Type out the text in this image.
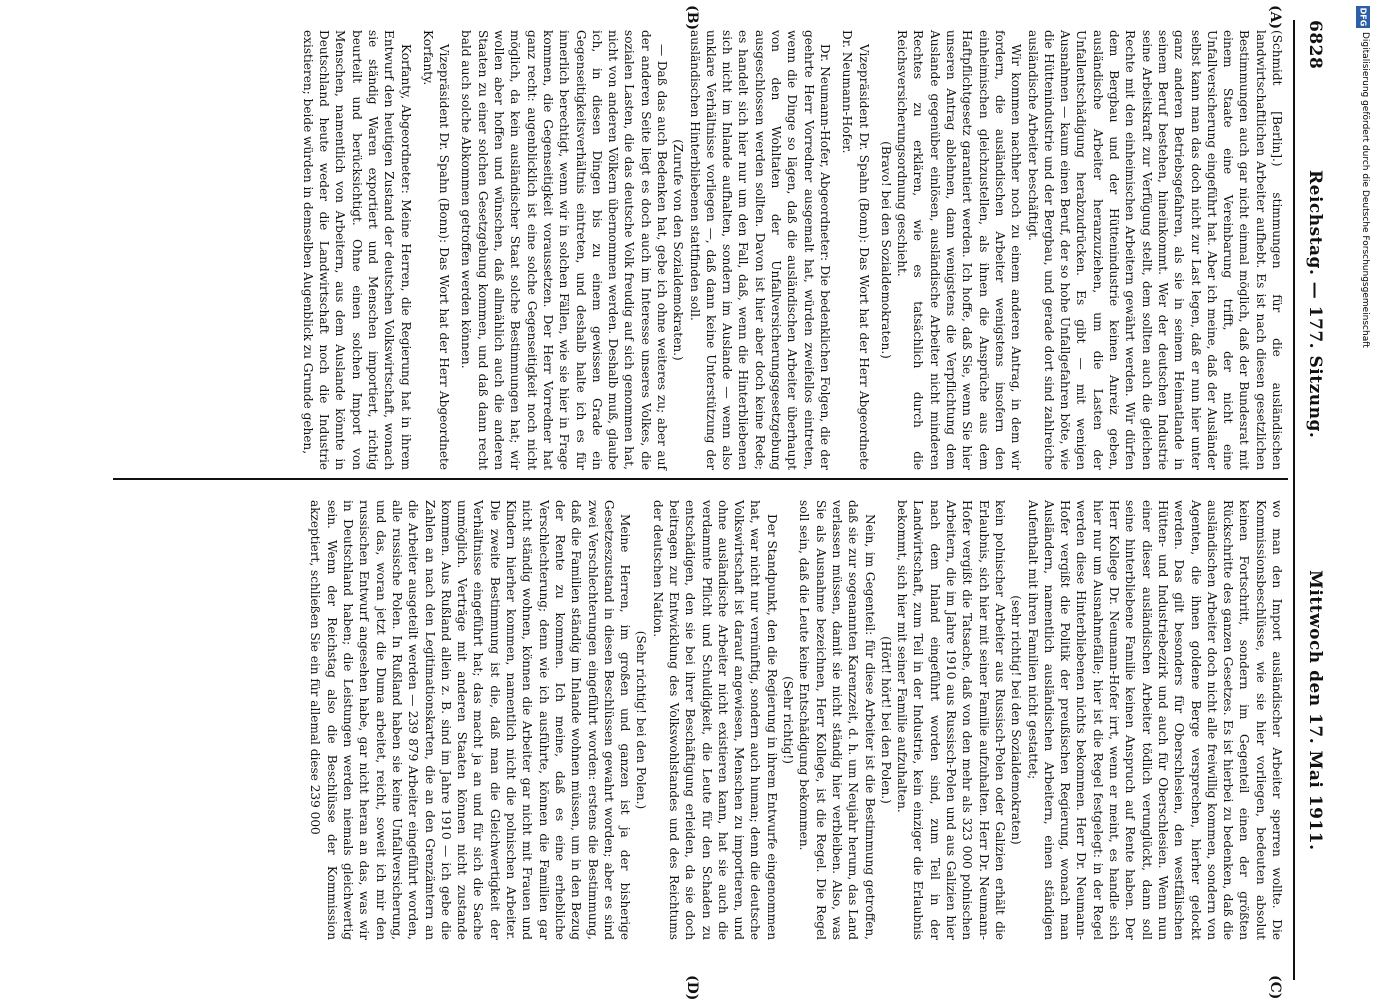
6828
Reichstag. — 177. Sitzung.
Mittwoch den 17. Mai 1911.
(A)
(B)
(C)
(D)

(Schmidt [Berlin].) stimmungen für die ausländischen landwirtschaftlichen Arbeiter aufhebt. Es ist nach diesen gesetzlichen Bestimmungen auch gar nicht einmal möglich, daß der Bundesrat mit einem Staate eine Vereinbarung trifft, der nicht eine Unfallversicherung eingeführt hat. Aber ich meine, daß der Ausländer selbst kann man das doch nicht zur Last legen, daß er nun hier unter ganz anderen Betriebsgefahren, als sie in seinem Heimatlande in seinem Beruf bestehen, hineinkommt. Wer der deutschen Industrie seine Arbeitskraft zur Verfügung stellt, dem sollten auch die gleichen Rechte mit den einheimischen Arbeitern gewährt werden. Wir dürfen dem Bergbau und der Hüttenindustrie keinen Anreiz geben, ausländische Arbeiter heranzuziehen, um die Lasten der Unfallentschädigung herabzudrücken. Es gibt — mit wenigen Ausnahmen — kaum einen Beruf, der so hohe Unfallgefahren böte, wie die Hüttenindustrie und der Bergbau, und gerade dort sind zahlreiche ausländische Arbeiter beschäftigt.

Wir kommen nachher noch zu einem anderen Antrag, in dem wir fordern, die ausländischen Arbeiter wenigstens insofern den einheimischen gleichzustellen, als ihnen die Ansprüche aus dem Haftpflichtgesetz garantiert werden. Ich hoffe, daß Sie, wenn Sie hier unseren Antrag ablehnen, dann wenigstens die Verpflichtung dem Auslande gegenüber einlösen, ausländische Arbeiter nicht minderen Rechtes zu erklären, wie es tatsächlich durch die Reichsversicherungsordnung geschieht.

(Bravo! bei den Sozialdemokraten.)

Vizepräsident Dr. Spahn (Bonn): Das Wort hat der Herr Abgeordnete Dr. Neumann-Hofer.

Dr. Neumann-Hofer, Abgeordneter: Die bedenklichen Folgen, die der geehrte Herr Vorredner ausgemalt hat, würden zweifellos eintreten, wenn die Dinge so lägen, daß die ausländischen Arbeiter überhaupt von den Wohltaten der Unfallversicherungsgesetzgebung ausgeschlossen werden sollten. Davon ist hier aber doch keine Rede; es handelt sich hier nur um den Fall, daß, wenn die Hinterbliebenen sich nicht im Inlande aufhalten, sondern im Auslande — wenn also unklare Verhältnisse vorliegen —, daß dann keine Unterstützung der ausländischen Hinterbliebenen stattfinden soll.

(Zurufe von den Sozialdemokraten.)

— Daß das auch Bedenken hat, gebe ich ohne weiteres zu; aber auf der anderen Seite liegt es doch auch im Interesse unseres Volkes, die sozialen Lasten, die das deutsche Volk freudig auf sich genommen hat, nicht von anderen Völkern übernommen werden. Deshalb muß, glaube ich, in diesen Dingen bis zu einem gewissen Grade ein Gegenseitigkeitsverhältnis eintreten, und deshalb halte ich es für innerlich berechtigt, wenn wir in solchen Fällen, wie sie hier in Frage kommen, die Gegenseitigkeit voraussetzen. Der Herr Vorredner hat ganz recht: augenblicklich ist eine solche Gegenseitigkeit noch nicht möglich, da kein ausländischer Staat solche Bestimmungen hat; wir wollen aber hoffen und wünschen, daß allmählich auch die anderen Staaten zu einer solchen Gesetzgebung kommen, und daß dann recht bald auch solche Abkommen getroffen werden können.

Vizepräsident Dr. Spahn (Bonn): Das Wort hat der Herr Abgeordnete Korfanty.

Korfanty, Abgeordneter: Meine Herren, die Regierung hat in ihrem Entwurf den heutigen Zustand der deutschen Volkswirtschaft, wonach sie ständig Waren exportiert und Menschen importiert, richtig beurteilt und berücksichtigt. Ohne einen solchen Import von Menschen, namentlich von Arbeitern, aus dem Auslande könnte in Deutschland heute weder die Landwirtschaft noch die Industrie existieren; beide würden in demselben Augenblick zu Grunde gehen,

wo man den Import ausländischer Arbeiter sperren wollte. Die Kommissionsbeschlüsse, wie sie hier vorliegen, bedeuten absolut keinen Fortschritt, sondern im Gegenteil einen der größten Rückschritte des ganzen Gesetzes. Es ist hierbei zu bedenken, daß die ausländischen Arbeiter doch nicht alle freiwillig kommen, sondern von Agenten, die ihnen goldene Berge versprechen, hierher gelockt werden. Das gilt besonders für Oberschlesien, den westfälischen Hütten- und Industriebezirk und auch für Oberschlesien. Wenn nun einer dieser ausländischen Arbeiter tödlich verunglückt, dann soll seine hinterbliebene Familie keinen Anspruch auf Rente haben. Der Herr Kollege Dr. Neumann-Hofer irrt, wenn er meint, es handle sich hier nur um Ausnahmefälle; hier ist die Regel festgelegt: in der Regel werden diese Hinterbliebenen nichts bekommen. Herr Dr. Neumann-Hofer vergißt die Politik der preußischen Regierung, wonach man Ausländern, namentlich ausländischen Arbeitern, einen ständigen Aufenthalt mit ihren Familien nicht gestattet;

(sehr richtig! bei den Sozialdemokraten)

kein polnischer Arbeiter aus Russisch-Polen oder Galizien erhält die Erlaubnis, sich hier mit seiner Familie aufzuhalten. Herr Dr. Neumann-Hofer vergißt die Tatsache, daß von den mehr als 323 000 polnischen Arbeitern, die im Jahre 1910 aus Russisch-Polen und aus Galizien hier nach dem Inland eingeführt worden sind, zum Teil in der Landwirtschaft, zum Teil in der Industrie, kein einziger die Erlaubnis bekommt, sich hier mit seiner Familie aufzuhalten.

(Hört! hört! bei den Polen.)

Nein, im Gegenteil: für diese Arbeiter ist die Bestimmung getroffen, daß sie zur sogenannten Karenzzeit, d. h. um Neujahr herum, das Land verlassen müssen, damit sie nicht ständig hier verbleiben. Also, was Sie als Ausnahme bezeichnen, Herr Kollege, ist die Regel. Die Regel soll sein, daß die Leute keine Entschädigung bekommen.

(Sehr richtig!)

Der Standpunkt, den die Regierung in ihrem Entwurfe eingenommen hat, war nicht nur vernünftig, sondern auch human; denn die deutsche Volkswirtschaft ist darauf angewiesen, Menschen zu importieren, und ohne ausländische Arbeiter nicht existieren kann, hat sie auch die verdammte Pflicht und Schuldigkeit, die Leute für den Schaden zu entschädigen, den sie bei ihrer Beschäftigung erleiden, da sie doch beitragen zur Entwicklung des Volkswohlstandes und des Reichtums der deutschen Nation.

(Sehr richtig! bei den Polen.)

Meine Herren, im großen und ganzen ist ja der bisherige Gesetzeszustand in diesen Beschlüssen gewahrt worden; aber es sind zwei Verschlechterungen eingeführt worden: erstens die Bestimmung, daß die Familien ständig im Inlande wohnen müssen, um in den Bezug der Rente zu kommen. Ich meine, daß es eine erhebliche Verschlechterung; denn wie ich ausführte, können die Familien gar nicht ständig wohnen, können die Arbeiter gar nicht mit Frauen und Kindern hierher kommen, namentlich nicht die polnischen Arbeiter. Die zweite Bestimmung ist die, daß man die Gleichwertigkeit der Verhältnisse eingeführt hat; das macht ja an und für sich die Sache unmöglich. Verträge mit anderen Staaten können nicht zustande kommen. Aus Rußland allein z. B. sind im Jahre 1910 — ich gebe die Zahlen an nach den Legitimationskarten, die an den Grenzämtern an die Arbeiter ausgeteilt werden — 239 879 Arbeiter eingeführt worden, alle russische Polen. In Rußland haben sie keine Unfallversicherung, und das, woran jetzt die Duma arbeitet, reicht, soweit ich mir den russischen Entwurf angesehen habe, gar nicht heran an das, was wir in Deutschland haben; die Leistungen werden niemals gleichwertig sein. Wenn der Reichstag also die Beschlüsse der Kommission akzeptiert, schließen Sie ein für allemal diese 239 000

DFG
Digitalisierung gefördert durch die Deutsche Forschungsgemeinschaft
